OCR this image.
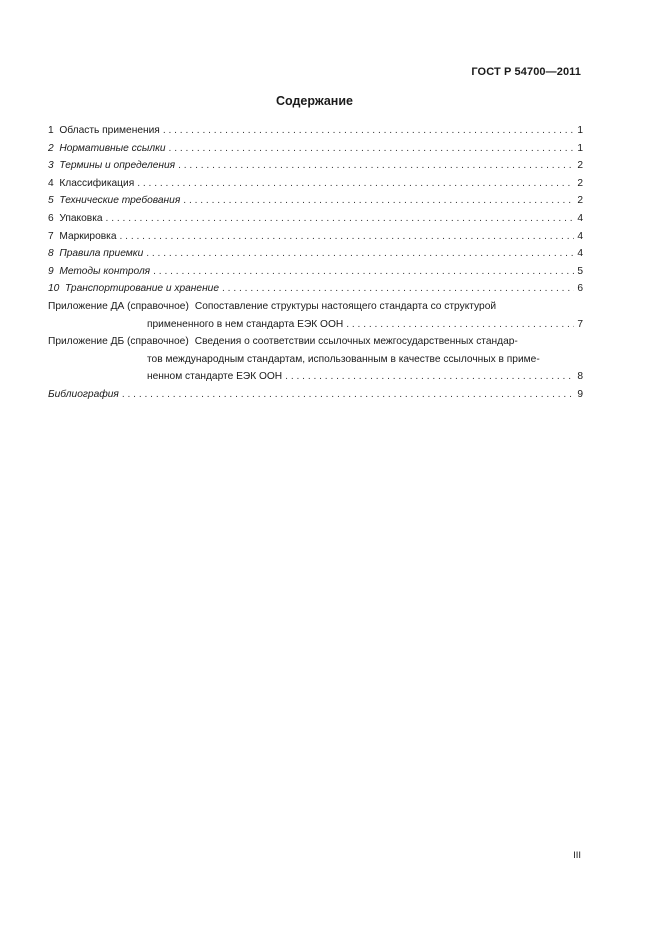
ГОСТ Р 54700—2011
Содержание
1 Область применения . . .	1
2 Нормативные ссылки . . .	1
3 Термины и определения . . .	2
4 Классификация . . .	2
5 Технические требования . . .	2
6 Упаковка . . .	4
7 Маркировка . . .	4
8 Правила приемки . . .	4
9 Методы контроля . . .	5
10 Транспортирование и хранение . . .	6
Приложение ДА (справочное) Сопоставление структуры настоящего стандарта со структурой
примененного в нем стандарта ЕЭК ООН . . .	7
Приложение ДБ (справочное) Сведения о соответствии ссылочных межгосударственных стандар-
тов международным стандартам, использованным в качестве ссылочных в приме-
ненном стандарте ЕЭК ООН . . .	8
Библиография . . .	9
III
